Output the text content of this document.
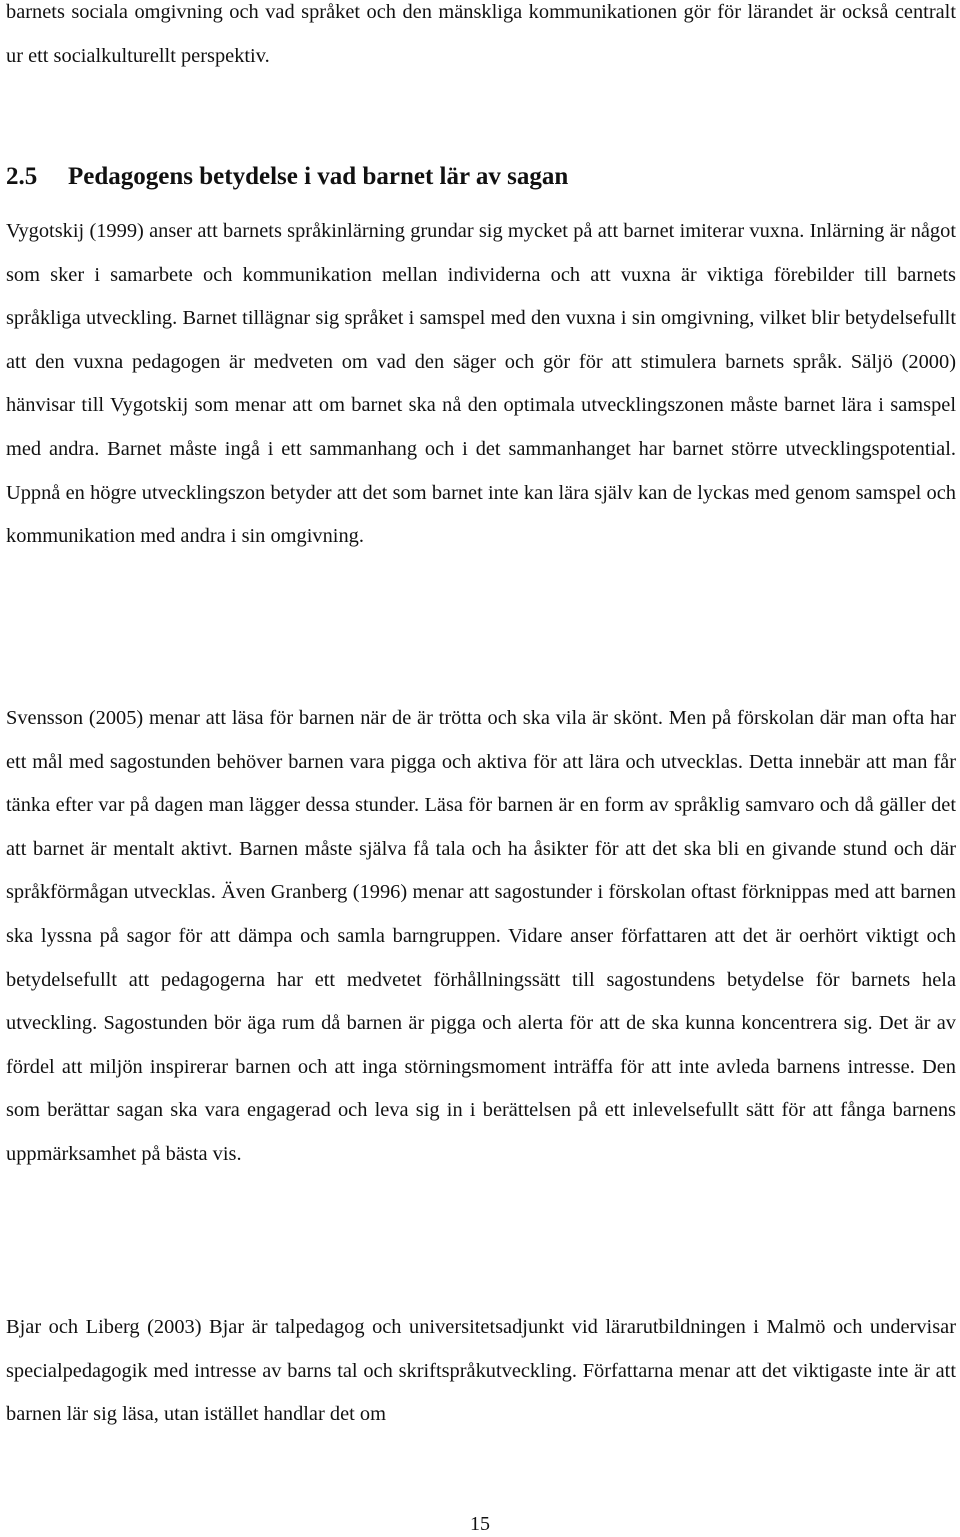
barnets sociala omgivning och vad språket och den mänskliga kommunikationen gör för lärandet är också centralt ur ett socialkulturellt perspektiv.

2.5 Pedagogens betydelse i vad barnet lär av sagan

Vygotskij (1999) anser att barnets språkinlärning grundar sig mycket på att barnet imiterar vuxna. Inlärning är något som sker i samarbete och kommunikation mellan individerna och att vuxna är viktiga förebilder till barnets språkliga utveckling. Barnet tillägnar sig språket i samspel med den vuxna i sin omgivning, vilket blir betydelsefullt att den vuxna pedagogen är medveten om vad den säger och gör för att stimulera barnets språk. Säljö (2000) hänvisar till Vygotskij som menar att om barnet ska nå den optimala utvecklingszonen måste barnet lära i samspel med andra. Barnet måste ingå i ett sammanhang och i det sammanhanget har barnet större utvecklingspotential. Uppnå en högre utvecklingszon betyder att det som barnet inte kan lära själv kan de lyckas med genom samspel och kommunikation med andra i sin omgivning.

Svensson (2005) menar att läsa för barnen när de är trötta och ska vila är skönt. Men på förskolan där man ofta har ett mål med sagostunden behöver barnen vara pigga och aktiva för att lära och utvecklas. Detta innebär att man får tänka efter var på dagen man lägger dessa stunder. Läsa för barnen är en form av språklig samvaro och då gäller det att barnet är mentalt aktivt. Barnen måste själva få tala och ha åsikter för att det ska bli en givande stund och där språkförmågan utvecklas. Även Granberg (1996) menar att sagostunder i förskolan oftast förknippas med att barnen ska lyssna på sagor för att dämpa och samla barngruppen. Vidare anser författaren att det är oerhört viktigt och betydelsefullt att pedagogerna har ett medvetet förhållningssätt till sagostundens betydelse för barnets hela utveckling. Sagostunden bör äga rum då barnen är pigga och alerta för att de ska kunna koncentrera sig. Det är av fördel att miljön inspirerar barnen och att inga störningsmoment inträffa för att inte avleda barnens intresse. Den som berättar sagan ska vara engagerad och leva sig in i berättelsen på ett inlevelsefullt sätt för att fånga barnens uppmärksamhet på bästa vis.

Bjar och Liberg (2003) Bjar är talpedagog och universitetsadjunkt vid lärarutbildningen i Malmö och undervisar specialpedagogik med intresse av barns tal och skriftspråkutveckling. Författarna menar att det viktigaste inte är att barnen lär sig läsa, utan istället handlar det om

15
